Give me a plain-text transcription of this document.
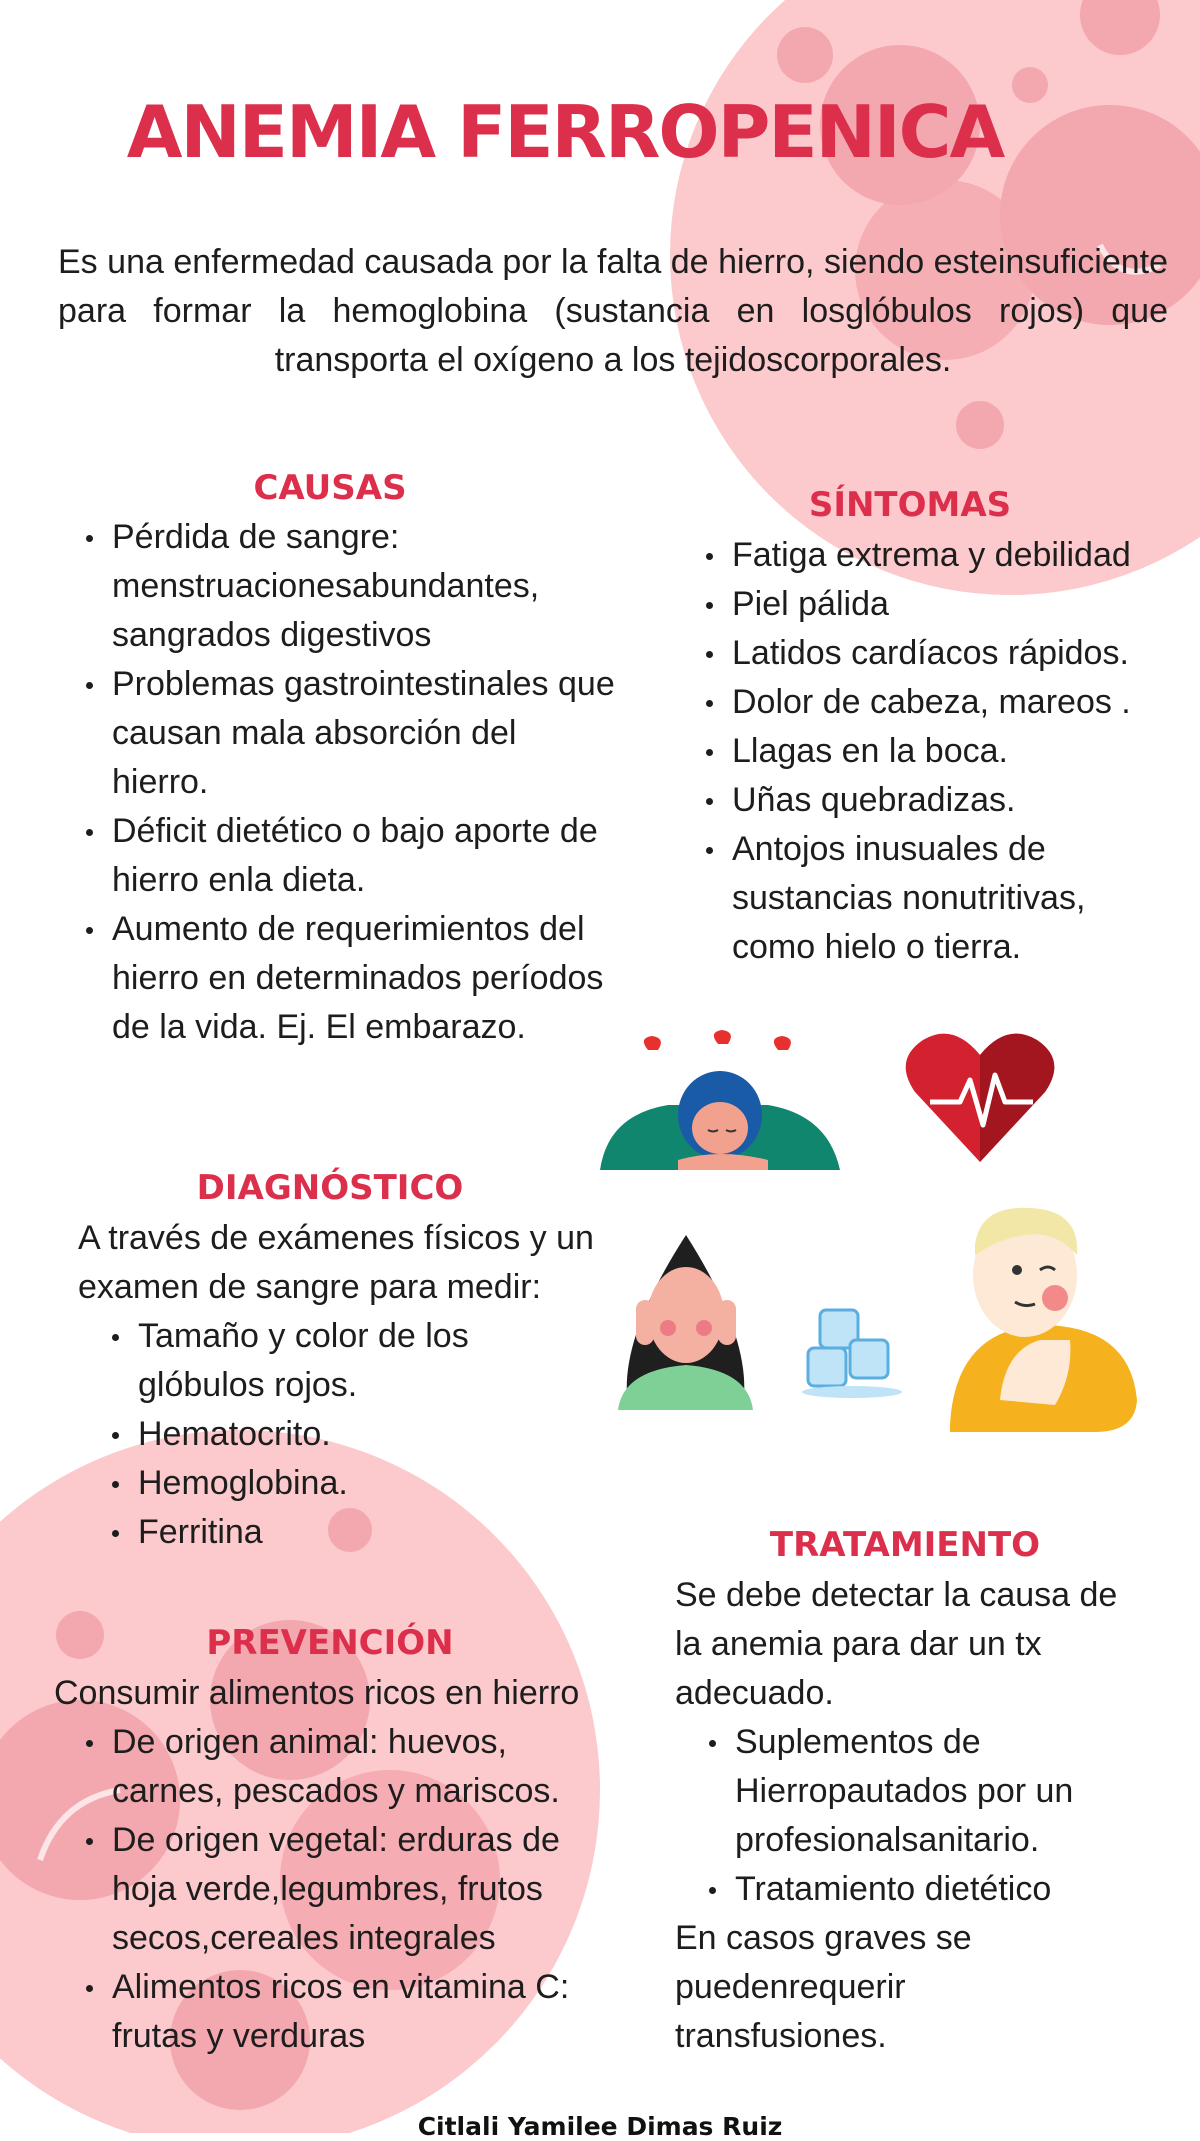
ANEMIA FERROPENICA
Es una enfermedad causada por la falta de hierro, siendo esteinsuficiente para formar la hemoglobina (sustancia en losglóbulos rojos) que transporta el oxígeno a los tejidoscorporales.
CAUSAS
Pérdida de sangre: menstruacionesabundantes, sangrados digestivos
Problemas gastrointestinales que causan mala absorción del hierro.
Déficit dietético o bajo aporte de hierro enla dieta.
Aumento de requerimientos del hierro en determinados períodos de la vida. Ej. El embarazo.
SÍNTOMAS
Fatiga extrema y debilidad
Piel pálida
Latidos cardíacos rápidos.
Dolor de cabeza, mareos .
Llagas en la boca.
Uñas quebradizas.
Antojos inusuales de sustancias nonutritivas, como hielo o tierra.
DIAGNÓSTICO
A través de exámenes físicos y un examen de sangre para medir:
Tamaño y color de los glóbulos rojos.
Hematocrito.
Hemoglobina.
Ferritina
PREVENCIÓN
Consumir alimentos ricos en hierro
De origen animal: huevos, carnes, pescados y mariscos.
De origen vegetal: erduras de hoja verde,legumbres, frutos secos,cereales integrales
Alimentos ricos en vitamina C: frutas y verduras
TRATAMIENTO
Se debe detectar la causa de la anemia para dar un tx adecuado.
Suplementos de Hierropautados por un profesionalsanitario.
Tratamiento dietético
En casos graves se puedenrequerir transfusiones.
Citlali Yamilee Dimas Ruiz
